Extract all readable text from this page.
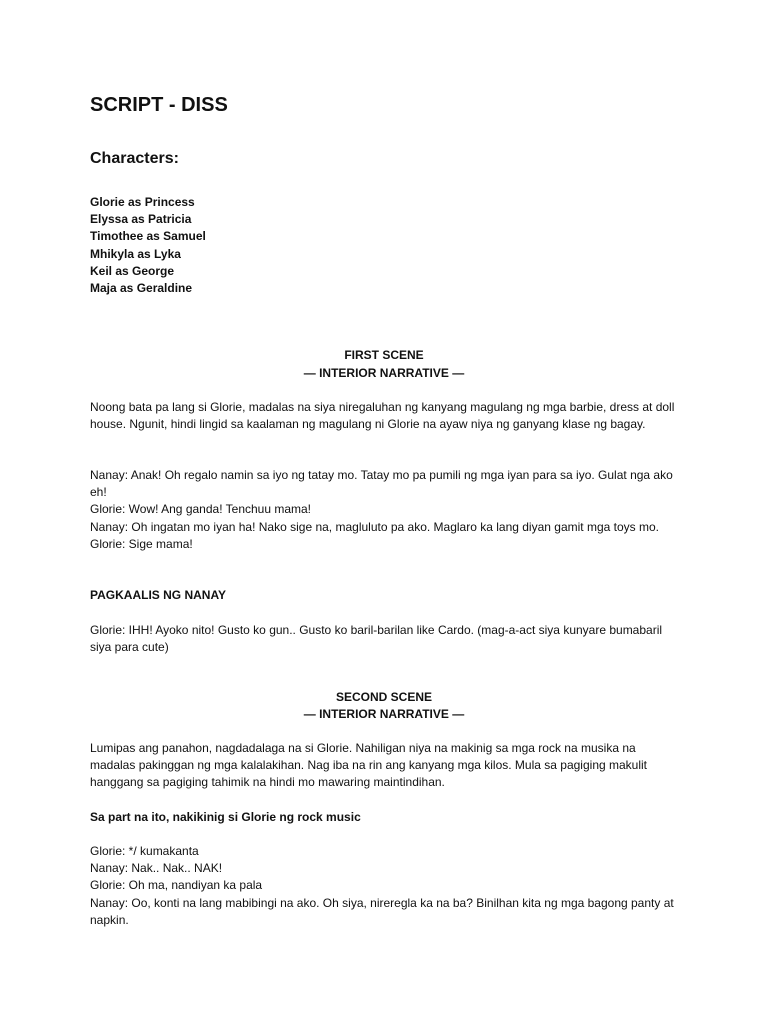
SCRIPT - DISS
Characters:
Glorie as Princess
Elyssa as Patricia
Timothee as Samuel
Mhikyla as Lyka
Keil as George
Maja as Geraldine
FIRST SCENE
— INTERIOR NARRATIVE —

Noong bata pa lang si Glorie, madalas na siya niregaluhan ng kanyang magulang ng mga barbie, dress at doll house. Ngunit, hindi lingid sa kaalaman ng magulang ni Glorie na ayaw niya ng ganyang klase ng bagay.

Nanay: Anak! Oh regalo namin sa iyo ng tatay mo. Tatay mo pa pumili ng mga iyan para sa iyo. Gulat nga ako eh!
Glorie: Wow! Ang ganda! Tenchuu mama!
Nanay: Oh ingatan mo iyan ha! Nako sige na, magluluto pa ako. Maglaro ka lang diyan gamit mga toys mo.
Glorie: Sige mama!

PAGKAALIS NG NANAY

Glorie: IHH! Ayoko nito! Gusto ko gun.. Gusto ko baril-barilan like Cardo. (mag-a-act siya kunyare bumabaril siya para cute)

SECOND SCENE
— INTERIOR NARRATIVE —

Lumipas ang panahon, nagdadalaga na si Glorie. Nahiligan niya na makinig sa mga rock na musika na madalas pakinggan ng mga kalalakihan. Nag iba na rin ang kanyang mga kilos. Mula sa pagiging makulit hanggang sa pagiging tahimik na hindi mo mawaring maintindihan.

Sa part na ito, nakikinig si Glorie ng rock music

Glorie: */ kumakanta
Nanay: Nak.. Nak.. NAK!
Glorie: Oh ma, nandiyan ka pala
Nanay: Oo, konti na lang mabibingi na ako. Oh siya, nireregla ka na ba? Binilhan kita ng mga bagong panty at napkin.
